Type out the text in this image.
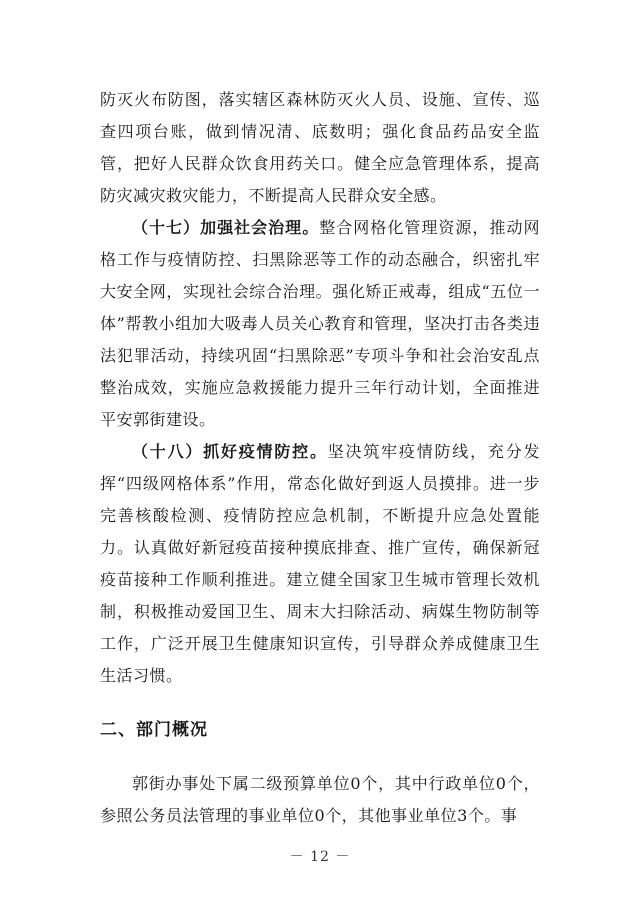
防灭火布防图，落实辖区森林防灭火人员、设施、宣传、巡查四项台账，做到情况清、底数明；强化食品药品安全监管，把好人民群众饮食用药关口。健全应急管理体系，提高防灾减灾救灾能力，不断提高人民群众安全感。

（十七）加强社会治理。整合网格化管理资源，推动网格工作与疫情防控、扫黑除恶等工作的动态融合，织密扎牢大安全网，实现社会综合治理。强化矫正戒毒，组成“五位一体”帮教小组加大吸毒人员关心教育和管理，坚决打击各类违法犯罪活动，持续巩固“扫黑除恶”专项斗争和社会治安乱点整治成效，实施应急救援能力提升三年行动计划，全面推进平安郭街建设。

（十八）抓好疫情防控。坚决筑牢疫情防线，充分发挥“四级网格体系”作用，常态化做好到返人员摸排。进一步完善核酸检测、疫情防控应急机制，不断提升应急处置能力。认真做好新冠疫苗接种摸底排查、推广宣传，确保新冠疫苗接种工作顺利推进。建立健全国家卫生城市管理长效机制，积极推动爱国卫生、周末大扫除活动、病媒生物防制等工作，广泛开展卫生健康知识宣传，引导群众养成健康卫生生活习惯。

二、部门概况

郭街办事处下属二级预算单位0个，其中行政单位0个，参照公务员法管理的事业单位0个，其他事业单位3个。事

－ 12 －
